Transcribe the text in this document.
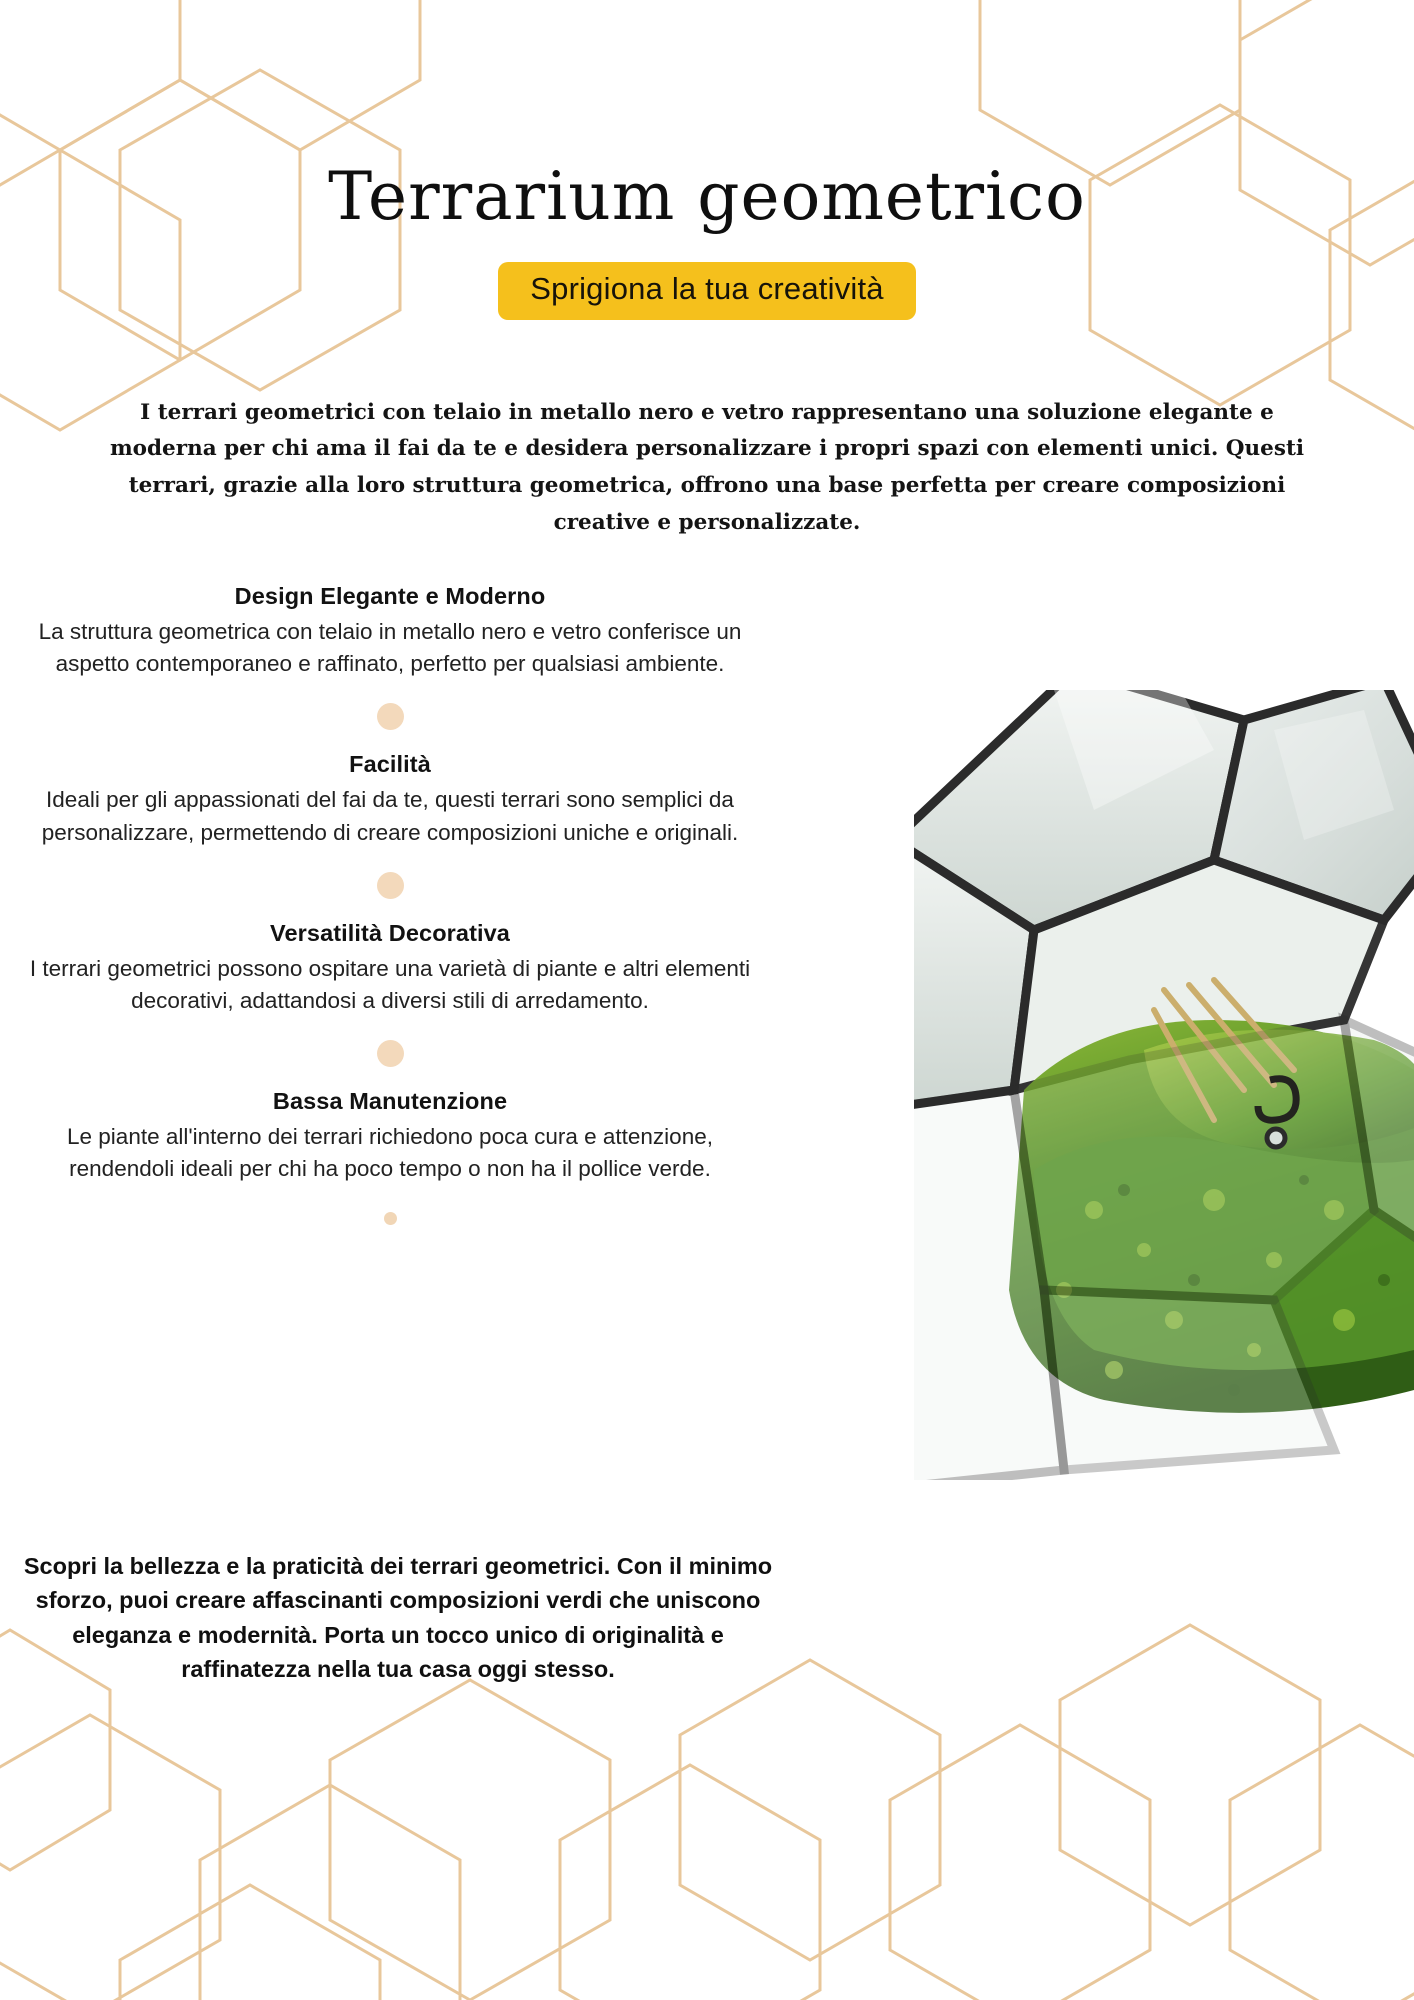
Terrarium geometrico
Sprigiona la tua creatività

I terrari geometrici con telaio in metallo nero e vetro rappresentano una soluzione elegante e moderna per chi ama il fai da te e desidera personalizzare i propri spazi con elementi unici. Questi terrari, grazie alla loro struttura geometrica, offrono una base perfetta per creare composizioni creative e personalizzate.

Design Elegante e Moderno

La struttura geometrica con telaio in metallo nero e vetro conferisce un aspetto contemporaneo e raffinato, perfetto per qualsiasi ambiente.

Facilità

Ideali per gli appassionati del fai da te, questi terrari sono semplici da personalizzare, permettendo di creare composizioni uniche e originali.

Versatilità Decorativa

I terrari geometrici possono ospitare una varietà di piante e altri elementi decorativi, adattandosi a diversi stili di arredamento.

Bassa Manutenzione

Le piante all'interno dei terrari richiedono poca cura e attenzione, rendendoli ideali per chi ha poco tempo o non ha il pollice verde.

Scopri la bellezza e la praticità dei terrari geometrici. Con il minimo sforzo, puoi creare affascinanti composizioni verdi che uniscono eleganza e modernità. Porta un tocco unico di originalità e raffinatezza nella tua casa oggi stesso.
